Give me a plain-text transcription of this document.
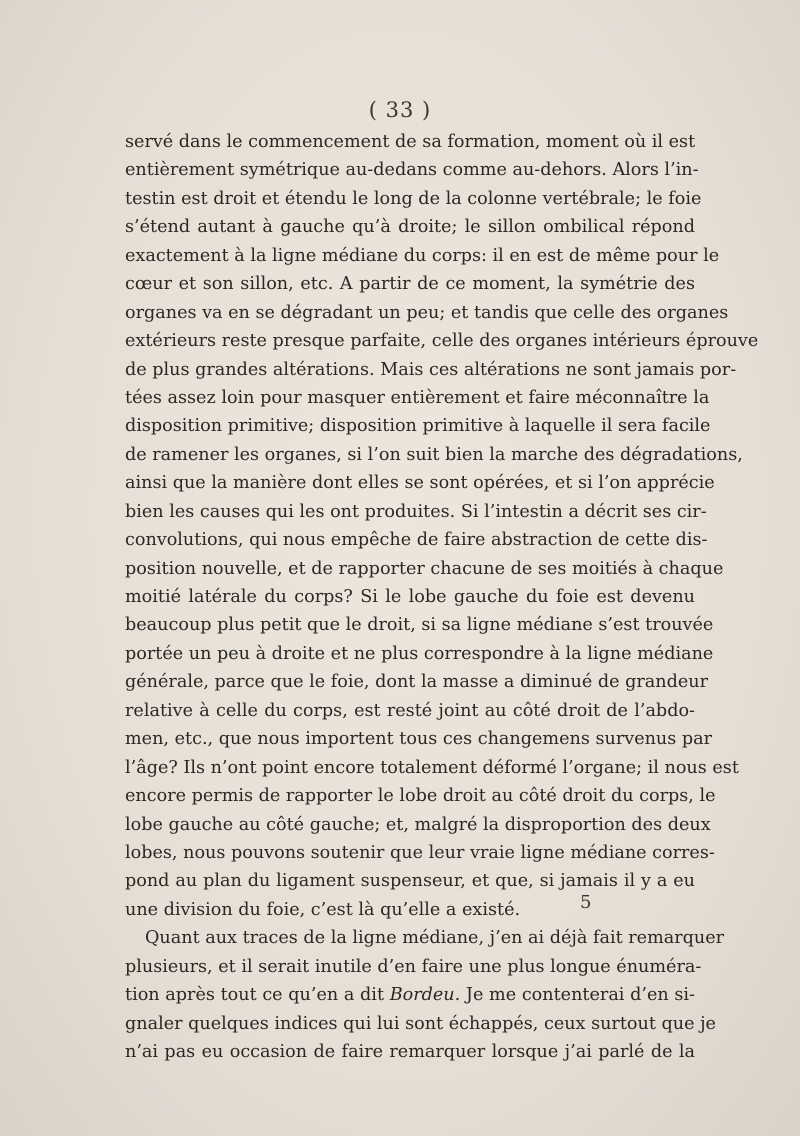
( 33 )
servé dans le commencement de sa formation, moment où il est
entièrement symétrique au-dedans comme au-dehors. Alors l’in-
testin est droit et étendu le long de la colonne vertébrale; le foie
s’étend autant à gauche qu’à droite; le sillon ombilical répond
exactement à la ligne médiane du corps: il en est de même pour le
cœur et son sillon, etc. A partir de ce moment, la symétrie des
organes va en se dégradant un peu; et tandis que celle des organes
extérieurs reste presque parfaite, celle des organes intérieurs éprouve
de plus grandes altérations. Mais ces altérations ne sont jamais por-
tées assez loin pour masquer entièrement et faire méconnaître la
disposition primitive; disposition primitive à laquelle il sera facile
de ramener les organes, si l’on suit bien la marche des dégradations,
ainsi que la manière dont elles se sont opérées, et si l’on apprécie
bien les causes qui les ont produites. Si l’intestin a décrit ses cir-
convolutions, qui nous empêche de faire abstraction de cette dis-
position nouvelle, et de rapporter chacune de ses moitiés à chaque
moitié latérale du corps? Si le lobe gauche du foie est devenu
beaucoup plus petit que le droit, si sa ligne médiane s’est trouvée
portée un peu à droite et ne plus correspondre à la ligne médiane
générale, parce que le foie, dont la masse a diminué de grandeur
relative à celle du corps, est resté joint au côté droit de l’abdo-
men, etc., que nous importent tous ces changemens survenus par
l’âge? Ils n’ont point encore totalement déformé l’organe; il nous est
encore permis de rapporter le lobe droit au côté droit du corps, le
lobe gauche au côté gauche; et, malgré la disproportion des deux
lobes, nous pouvons soutenir que leur vraie ligne médiane corres-
pond au plan du ligament suspenseur, et que, si jamais il y a eu
une division du foie, c’est là qu’elle a existé.
Quant aux traces de la ligne médiane, j’en ai déjà fait remarquer
plusieurs, et il serait inutile d’en faire une plus longue énuméra-
tion après tout ce qu’en a dit Bordeu. Je me contenterai d’en si-
gnaler quelques indices qui lui sont échappés, ceux surtout que je
n’ai pas eu occasion de faire remarquer lorsque j’ai parlé de la
5
